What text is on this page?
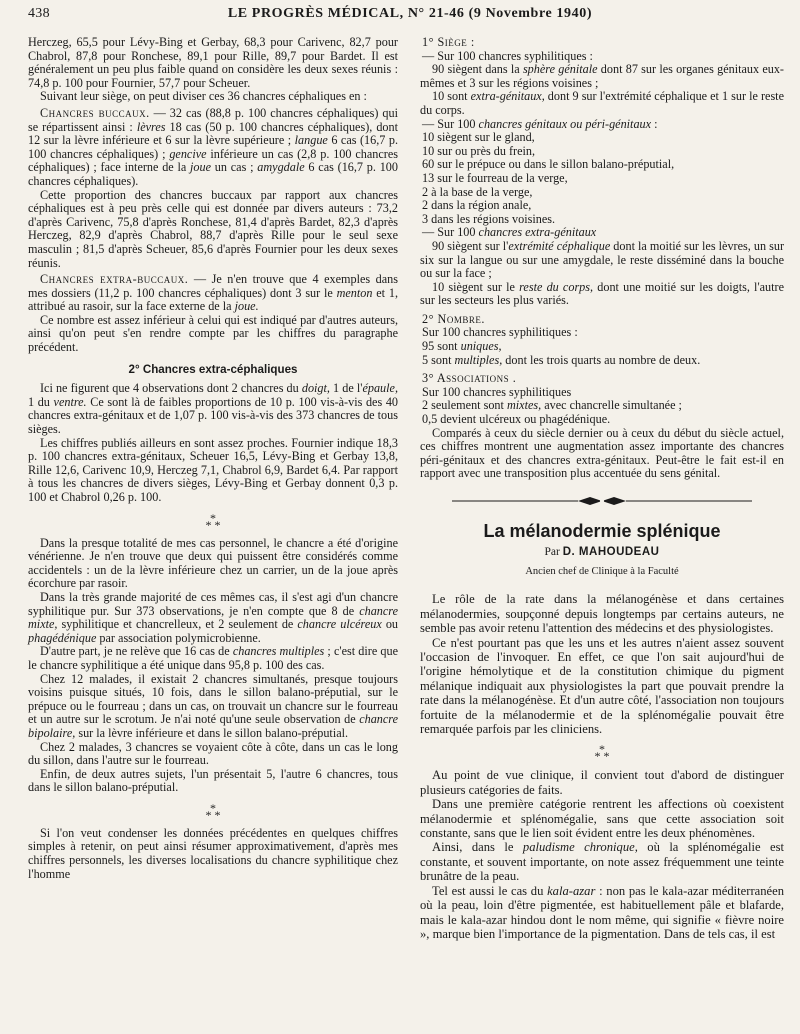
438	LE PROGRÈS MÉDICAL, N° 21-46 (9 Novembre 1940)

Herczeg, 65,5 pour Lévy-Bing et Gerbay, 68,3 pour Carivenc, 82,7 pour Chabrol, 87,8 pour Ronchese, 89,1 pour Rille, 89,7 pour Bardet. Il est généralement un peu plus faible quand on considère les deux sexes réunis : 74,8 p. 100 pour Fournier, 57,7 pour Scheuer.

Suivant leur siège, on peut diviser ces 36 chancres céphaliques en :

Chancres buccaux. — 32 cas (88,8 p. 100 chancres céphaliques) qui se répartissent ainsi : lèvres 18 cas (50 p. 100 chancres céphaliques), dont 12 sur la lèvre inférieure et 6 sur la lèvre supérieure ; langue 6 cas (16,7 p. 100 chancres céphaliques) ; gencive inférieure un cas (2,8 p. 100 chancres céphaliques) ; face interne de la joue un cas ; amygdale 6 cas (16,7 p. 100 chancres céphaliques).

Cette proportion des chancres buccaux par rapport aux chancres céphaliques est à peu près celle qui est donnée par divers auteurs : 73,2 d'après Carivenc, 75,8 d'après Ronchese, 81,4 d'après Bardet, 82,3 d'après Herczeg, 82,9 d'après Chabrol, 88,7 d'après Rille pour le seul sexe masculin ; 81,5 d'après Scheuer, 85,6 d'après Fournier pour les deux sexes réunis.

Chancres extra-buccaux. — Je n'en trouve que 4 exemples dans mes dossiers (11,2 p. 100 chancres céphaliques) dont 3 sur le menton et 1, attribué au rasoir, sur la face externe de la joue.

Ce nombre est assez inférieur à celui qui est indiqué par d'autres auteurs, ainsi qu'on peut s'en rendre compte par les chiffres du paragraphe précédent.

2° Chancres extra-céphaliques

Ici ne figurent que 4 observations dont 2 chancres du doigt, 1 de l'épaule, 1 du ventre. Ce sont là de faibles proportions de 10 p. 100 vis-à-vis des 40 chancres extra-génitaux et de 1,07 p. 100 vis-à-vis des 373 chancres de tous sièges.

Les chiffres publiés ailleurs en sont assez proches. Fournier indique 18,3 p. 100 chancres extra-génitaux, Scheuer 16,5, Lévy-Bing et Gerbay 13,8, Rille 12,6, Carivenc 10,9, Herczeg 7,1, Chabrol 6,9, Bardet 6,4. Par rapport à tous les chancres de divers sièges, Lévy-Bing et Gerbay donnent 0,3 p. 100 et Chabrol 0,26 p. 100.

*
* *

Dans la presque totalité de mes cas personnel, le chancre a été d'origine vénérienne. Je n'en trouve que deux qui puissent être considérés comme accidentels : un de la lèvre inférieure chez un carrier, un de la joue après écorchure par rasoir.

Dans la très grande majorité de ces mêmes cas, il s'est agi d'un chancre syphilitique pur. Sur 373 observations, je n'en compte que 8 de chancre mixte, syphilitique et chancrelleux, et 2 seulement de chancre ulcéreux ou phagédénique par association polymicrobienne.

D'autre part, je ne relève que 16 cas de chancres multiples ; c'est dire que le chancre syphilitique a été unique dans 95,8 p. 100 des cas.

Chez 12 malades, il existait 2 chancres simultanés, presque toujours voisins puisque situés, 10 fois, dans le sillon balano-préputial, sur le prépuce ou le fourreau ; dans un cas, on trouvait un chancre sur le fourreau et un autre sur le scrotum. Je n'ai noté qu'une seule observation de chancre bipolaire, sur la lèvre inférieure et dans le sillon balano-préputial.

Chez 2 malades, 3 chancres se voyaient côte à côte, dans un cas le long du sillon, dans l'autre sur le fourreau.

Enfin, de deux autres sujets, l'un présentait 5, l'autre 6 chancres, tous dans le sillon balano-préputial.

*
* *

Si l'on veut condenser les données précédentes en quelques chiffres simples à retenir, on peut ainsi résumer approximativement, d'après mes chiffres personnels, les diverses localisations du chancre syphilitique chez l'homme

1° Siège :

— Sur 100 chancres syphilitiques :

90 siègent dans la sphère génitale dont 87 sur les organes génitaux eux-mêmes et 3 sur les régions voisines ;

10 sont extra-génitaux, dont 9 sur l'extrémité céphalique et 1 sur le reste du corps.

— Sur 100 chancres génitaux ou péri-génitaux :

10 siègent sur le gland,

10 sur ou près du frein,

60 sur le prépuce ou dans le sillon balano-préputial,

13 sur le fourreau de la verge,

2 à la base de la verge,

2 dans la région anale,

3 dans les régions voisines.

— Sur 100 chancres extra-génitaux

90 siègent sur l'extrémité céphalique dont la moitié sur les lèvres, un sur six sur la langue ou sur une amygdale, le reste disséminé dans la bouche ou sur la face ;

10 siègent sur le reste du corps, dont une moitié sur les doigts, l'autre sur les secteurs les plus variés.

2° Nombre.

Sur 100 chancres syphilitiques :

95 sont uniques,

5 sont multiples, dont les trois quarts au nombre de deux.

3° Associations .

Sur 100 chancres syphilitiques

2 seulement sont mixtes, avec chancrelle simultanée ;

0,5 devient ulcéreux ou phagédénique.

Comparés à ceux du siècle dernier ou à ceux du début du siècle actuel, ces chiffres montrent une augmentation assez importante des chancres péri-génitaux et des chancres extra-génitaux. Peut-être le fait est-il en rapport avec une transposition plus accentuée du sens génital.

La mélanodermie splénique
Par D. MAHOUDEAU
Ancien chef de Clinique à la Faculté

Le rôle de la rate dans la mélanogénèse et dans certaines mélanodermies, soupçonné depuis longtemps par certains auteurs, ne semble pas avoir retenu l'attention des médecins et des physiologistes.

Ce n'est pourtant pas que les uns et les autres n'aient assez souvent l'occasion de l'invoquer. En effet, ce que l'on sait aujourd'hui de l'origine hémolytique et de la constitution chimique du pigment mélanique indiquait aux physiologistes la part que pouvait prendre la rate dans la mélanogénèse. Et d'un autre côté, l'association non toujours fortuite de la mélanodermie et de la splénomégalie pouvait être remarquée parfois par les cliniciens.

*
* *

Au point de vue clinique, il convient tout d'abord de distinguer plusieurs catégories de faits.

Dans une première catégorie rentrent les affections où coexistent mélanodermie et splénomégalie, sans que cette association soit constante, sans que le lien soit évident entre les deux phénomènes.

Ainsi, dans le paludisme chronique, où la splénomégalie est constante, et souvent importante, on note assez fréquemment une teinte brunâtre de la peau.

Tel est aussi le cas du kala-azar : non pas le kala-azar méditerranéen où la peau, loin d'être pigmentée, est habituellement pâle et blafarde, mais le kala-azar hindou dont le nom même, qui signifie « fièvre noire », marque bien l'importance de la pigmentation. Dans de tels cas, il est
